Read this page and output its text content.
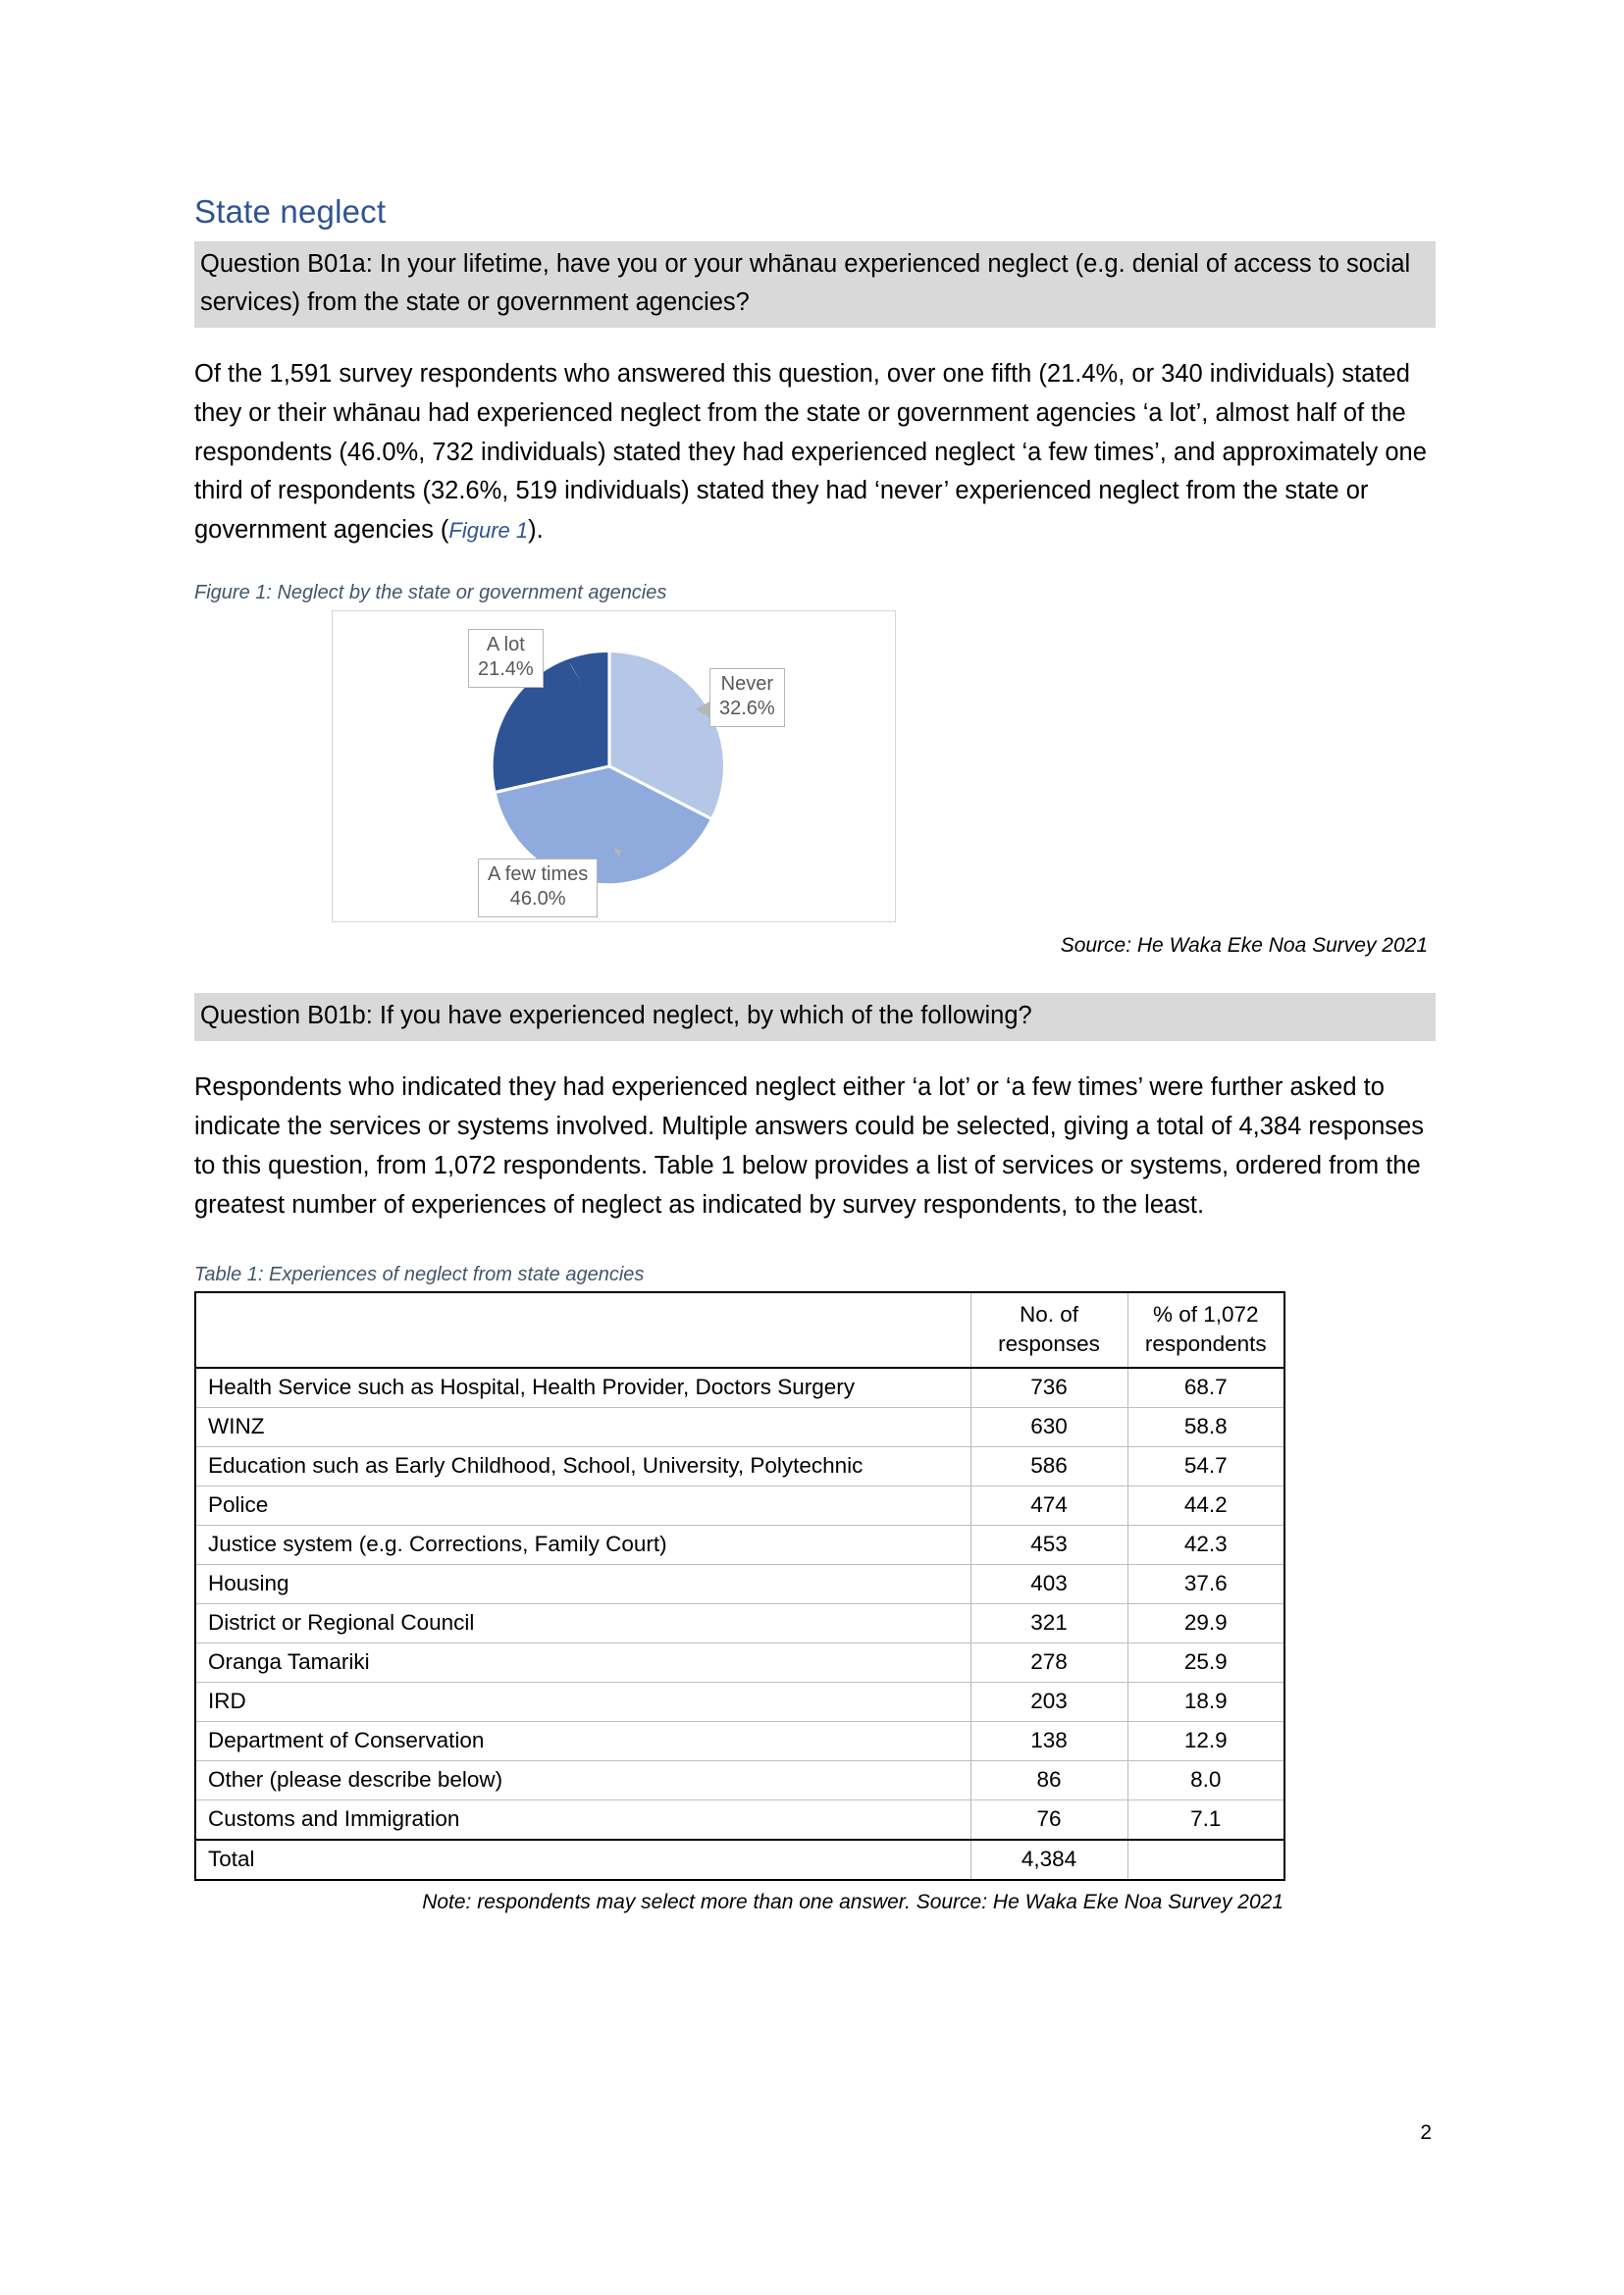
State neglect
Question B01a: In your lifetime, have you or your whānau experienced neglect (e.g. denial of access to social services) from the state or government agencies?

Of the 1,591 survey respondents who answered this question, over one fifth (21.4%, or 340 individuals) stated they or their whānau had experienced neglect from the state or government agencies ‘a lot’, almost half of the respondents (46.0%, 732 individuals) stated they had experienced neglect ‘a few times’, and approximately one third of respondents (32.6%, 519 individuals) stated they had ‘never’ experienced neglect from the state or government agencies (Figure 1).

Figure 1: Neglect by the state or government agencies
A lot
21.4%
Never
32.6%
A few times
46.0%
Source: He Waka Eke Noa Survey 2021
Question B01b: If you have experienced neglect, by which of the following?

Respondents who indicated they had experienced neglect either ‘a lot’ or ‘a few times’ were further asked to indicate the services or systems involved. Multiple answers could be selected, giving a total of 4,384 responses to this question, from 1,072 respondents. Table 1 below provides a list of services or systems, ordered from the greatest number of experiences of neglect as indicated by survey respondents, to the least.

Table 1: Experiences of neglect from state agencies
	No. of responses	% of 1,072 respondents
Health Service such as Hospital, Health Provider, Doctors Surgery	736	68.7
WINZ	630	58.8
Education such as Early Childhood, School, University, Polytechnic	586	54.7
Police	474	44.2
Justice system (e.g. Corrections, Family Court)	453	42.3
Housing	403	37.6
District or Regional Council	321	29.9
Oranga Tamariki	278	25.9
IRD	203	18.9
Department of Conservation	138	12.9
Other (please describe below)	86	8.0
Customs and Immigration	76	7.1
Total	4,384	
Note: respondents may select more than one answer. Source: He Waka Eke Noa Survey 2021
2
